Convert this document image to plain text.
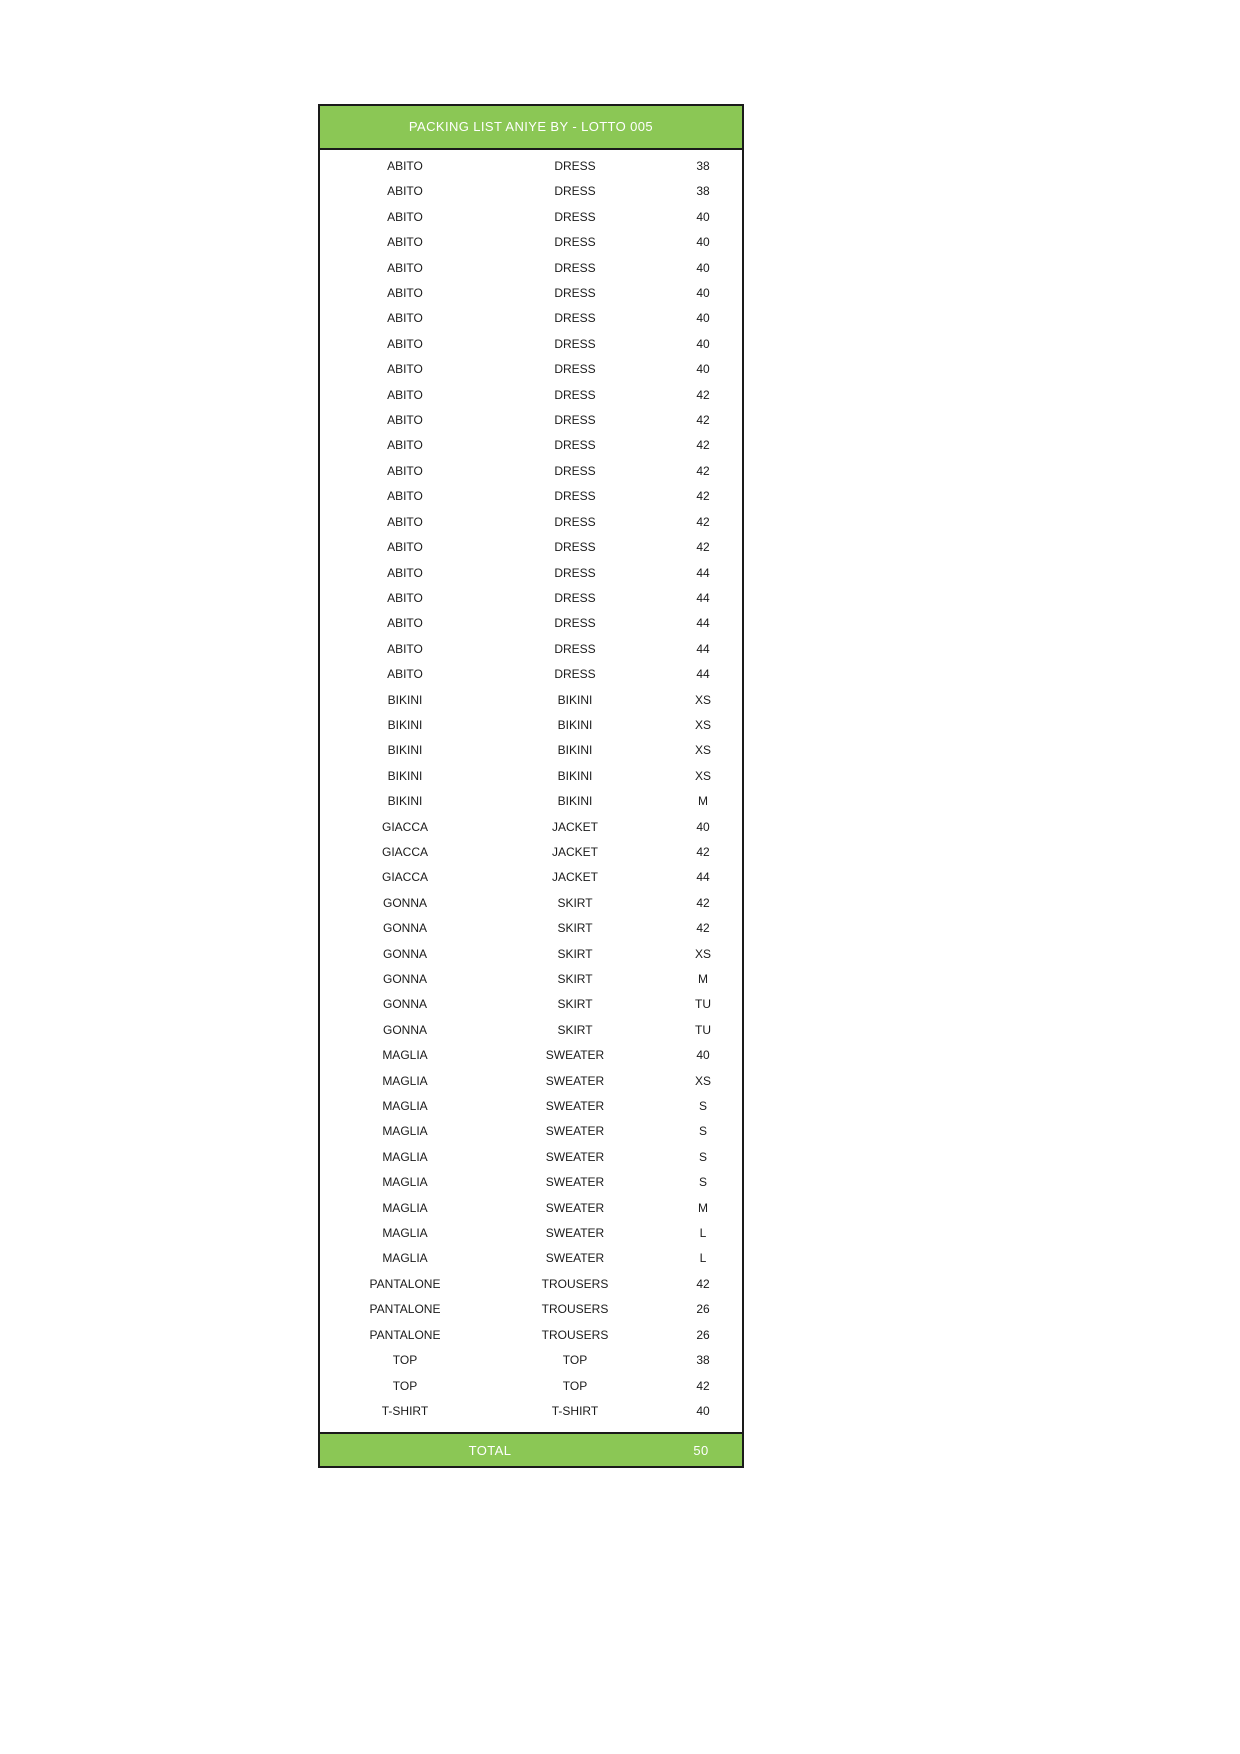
PACKING LIST ANIYE BY - LOTTO 005
ABITO	DRESS	38
ABITO	DRESS	38
ABITO	DRESS	40
ABITO	DRESS	40
ABITO	DRESS	40
ABITO	DRESS	40
ABITO	DRESS	40
ABITO	DRESS	40
ABITO	DRESS	40
ABITO	DRESS	42
ABITO	DRESS	42
ABITO	DRESS	42
ABITO	DRESS	42
ABITO	DRESS	42
ABITO	DRESS	42
ABITO	DRESS	42
ABITO	DRESS	44
ABITO	DRESS	44
ABITO	DRESS	44
ABITO	DRESS	44
ABITO	DRESS	44
BIKINI	BIKINI	XS
BIKINI	BIKINI	XS
BIKINI	BIKINI	XS
BIKINI	BIKINI	XS
BIKINI	BIKINI	M
GIACCA	JACKET	40
GIACCA	JACKET	42
GIACCA	JACKET	44
GONNA	SKIRT	42
GONNA	SKIRT	42
GONNA	SKIRT	XS
GONNA	SKIRT	M
GONNA	SKIRT	TU
GONNA	SKIRT	TU
MAGLIA	SWEATER	40
MAGLIA	SWEATER	XS
MAGLIA	SWEATER	S
MAGLIA	SWEATER	S
MAGLIA	SWEATER	S
MAGLIA	SWEATER	S
MAGLIA	SWEATER	M
MAGLIA	SWEATER	L
MAGLIA	SWEATER	L
PANTALONE	TROUSERS	42
PANTALONE	TROUSERS	26
PANTALONE	TROUSERS	26
TOP	TOP	38
TOP	TOP	42
T-SHIRT	T-SHIRT	40
TOTAL	50
